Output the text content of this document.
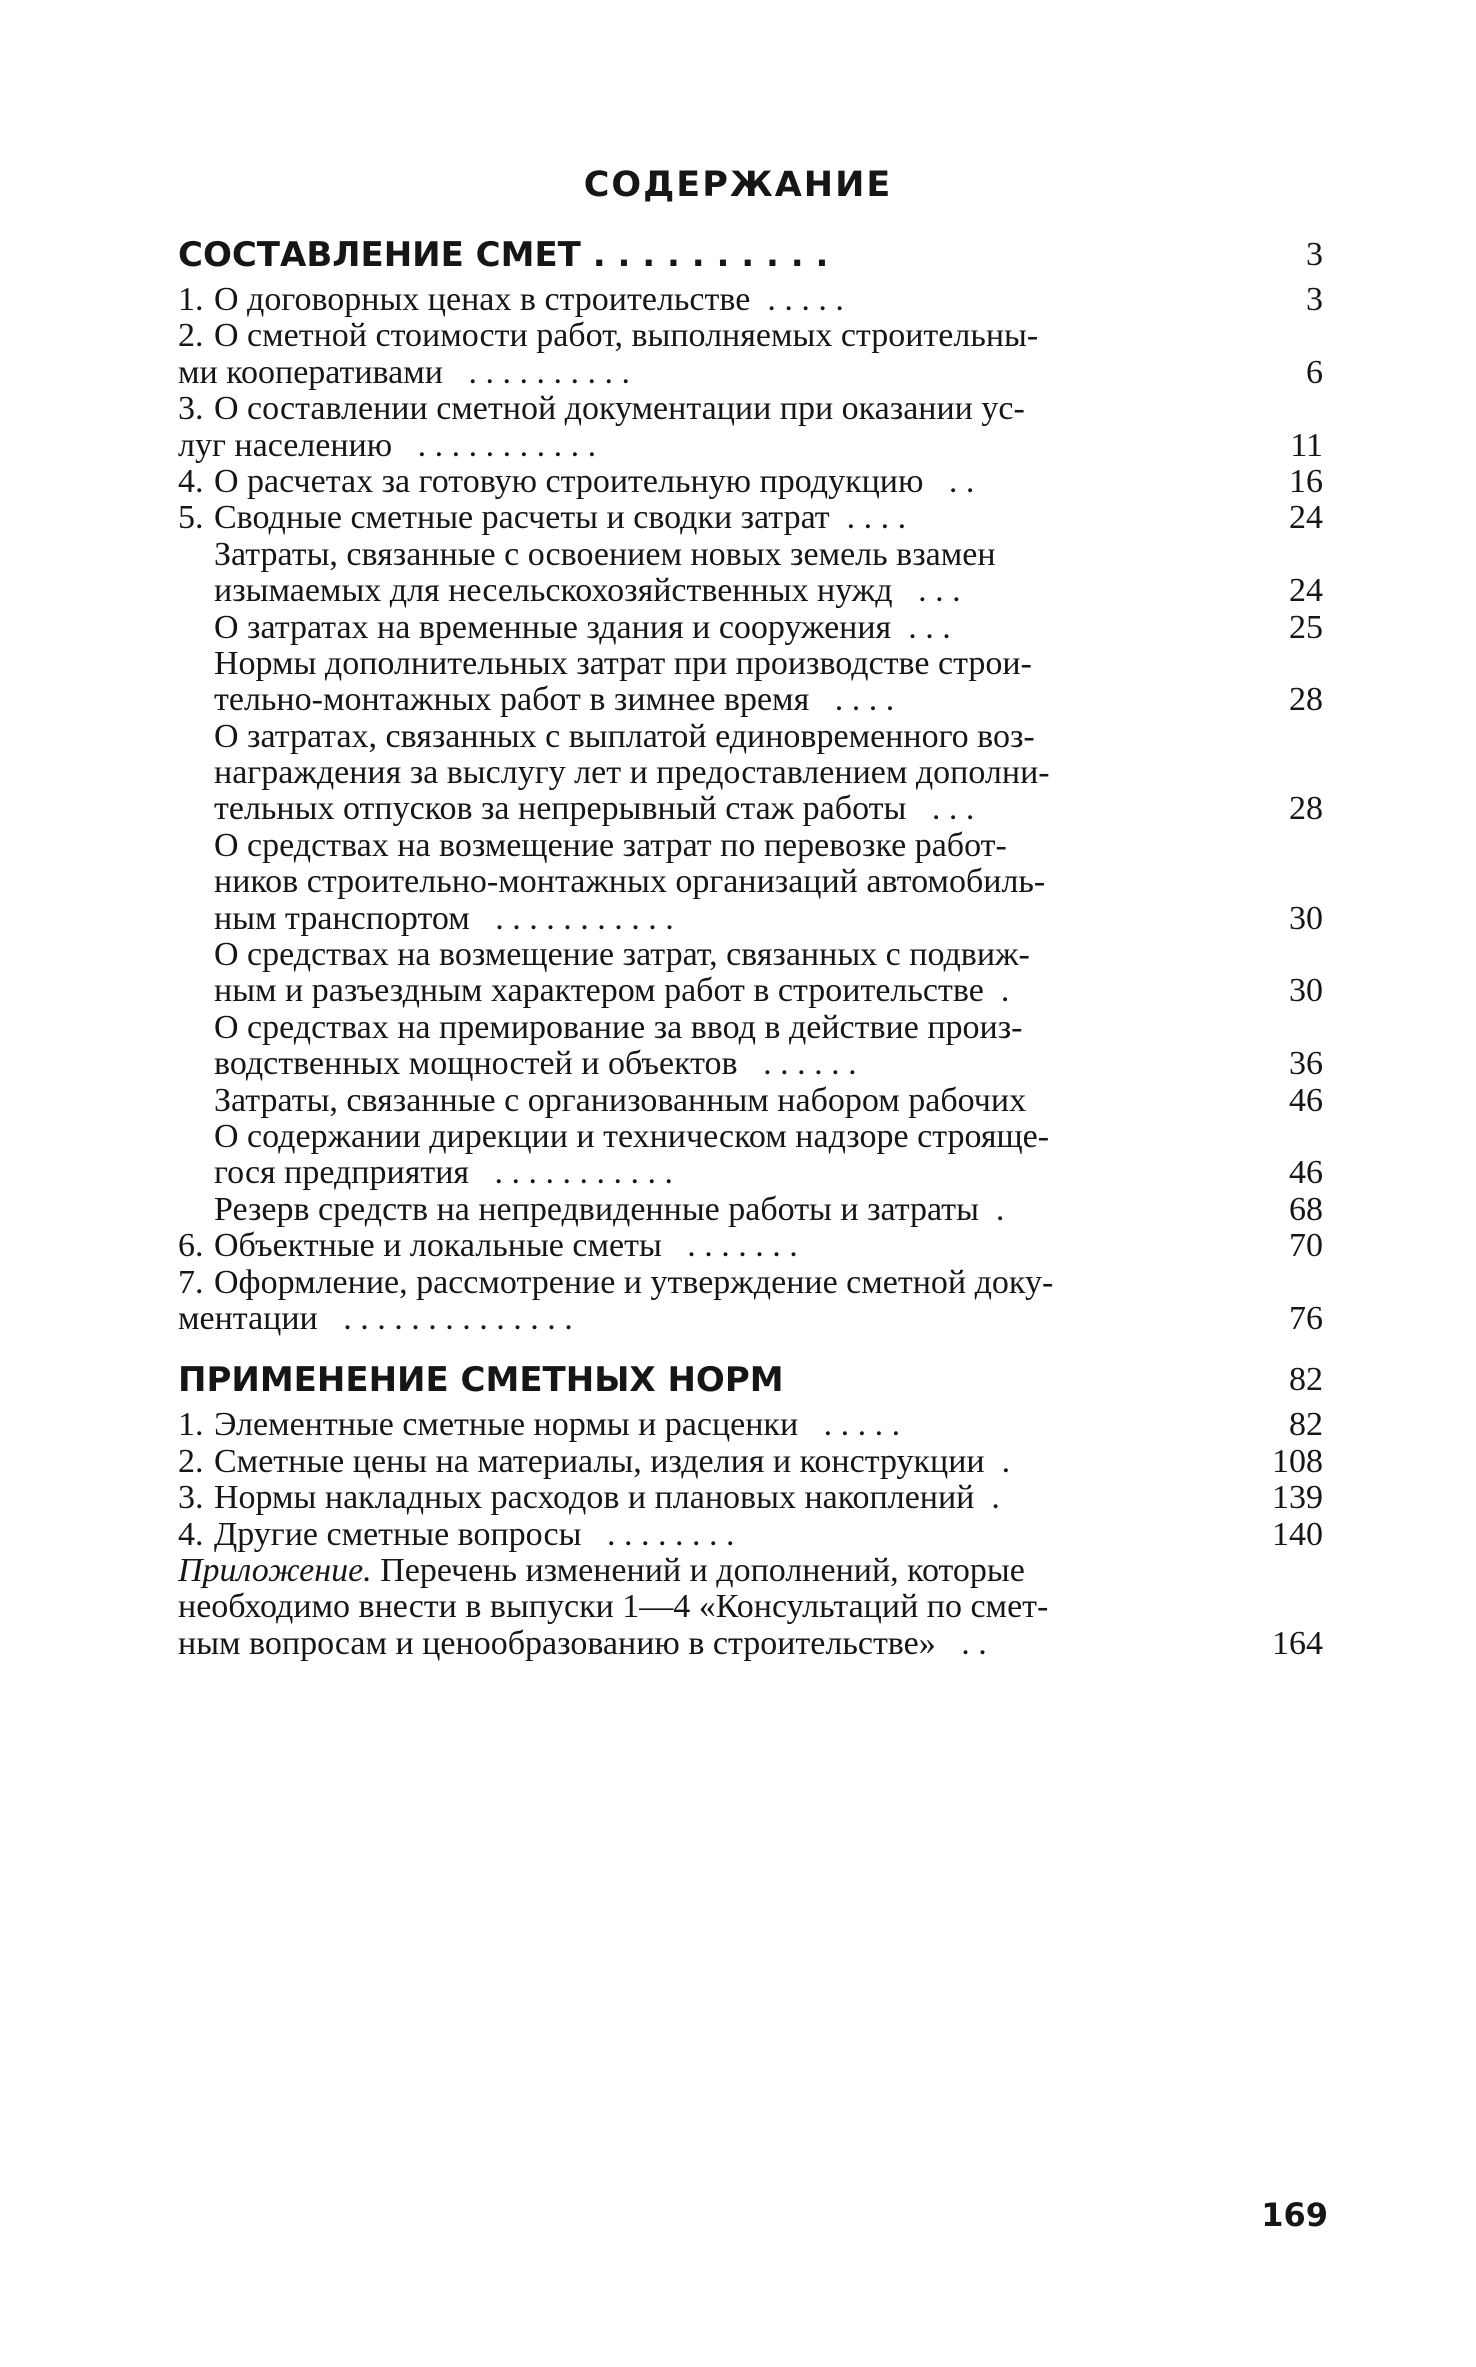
СОДЕРЖАНИЕ
СОСТАВЛЕНИЕ СМЕТ . . . . . . . . . .	3
1. О договорных ценах в строительстве . . . . .	3
2. О сметной стоимости работ, выполняемых строительны-
ми кооперативами . . . . . . . . . .	6
3. О составлении сметной документации при оказании ус-
луг населению . . . . . . . . . . .	11
4. О расчетах за готовую строительную продукцию . .	16
5. Сводные сметные расчеты и сводки затрат . . . .	24
Затраты, связанные с освоением новых земель взамен
изымаемых для несельскохозяйственных нужд . . .	24
О затратах на временные здания и сооружения . . .	25
Нормы дополнительных затрат при производстве строи-
тельно-монтажных работ в зимнее время . . . .	28
О затратах, связанных с выплатой единовременного воз-
награждения за выслугу лет и предоставлением дополни-
тельных отпусков за непрерывный стаж работы . . .	28
О средствах на возмещение затрат по перевозке работ-
ников строительно-монтажных организаций автомобиль-
ным транспортом . . . . . . . . . . .	30
О средствах на возмещение затрат, связанных с подвиж-
ным и разъездным характером работ в строительстве .	30
О средствах на премирование за ввод в действие произ-
водственных мощностей и объектов . . . . . .	36
Затраты, связанные с организованным набором рабочих	46
О содержании дирекции и техническом надзоре строяще-
гося предприятия . . . . . . . . . . .	46
Резерв средств на непредвиденные работы и затраты .	68
6. Объектные и локальные сметы . . . . . . .	70
7. Оформление, рассмотрение и утверждение сметной доку-
ментации . . . . . . . . . . . . . .	76
ПРИМЕНЕНИЕ СМЕТНЫХ НОРМ	82
1. Элементные сметные нормы и расценки . . . . .	82
2. Сметные цены на материалы, изделия и конструкции .	108
3. Нормы накладных расходов и плановых накоплений .	139
4. Другие сметные вопросы . . . . . . . .	140
Приложение. Перечень изменений и дополнений, которые
необходимо внести в выпуски 1—4 «Консультаций по смет-
ным вопросам и ценообразованию в строительстве» . .	164
169
